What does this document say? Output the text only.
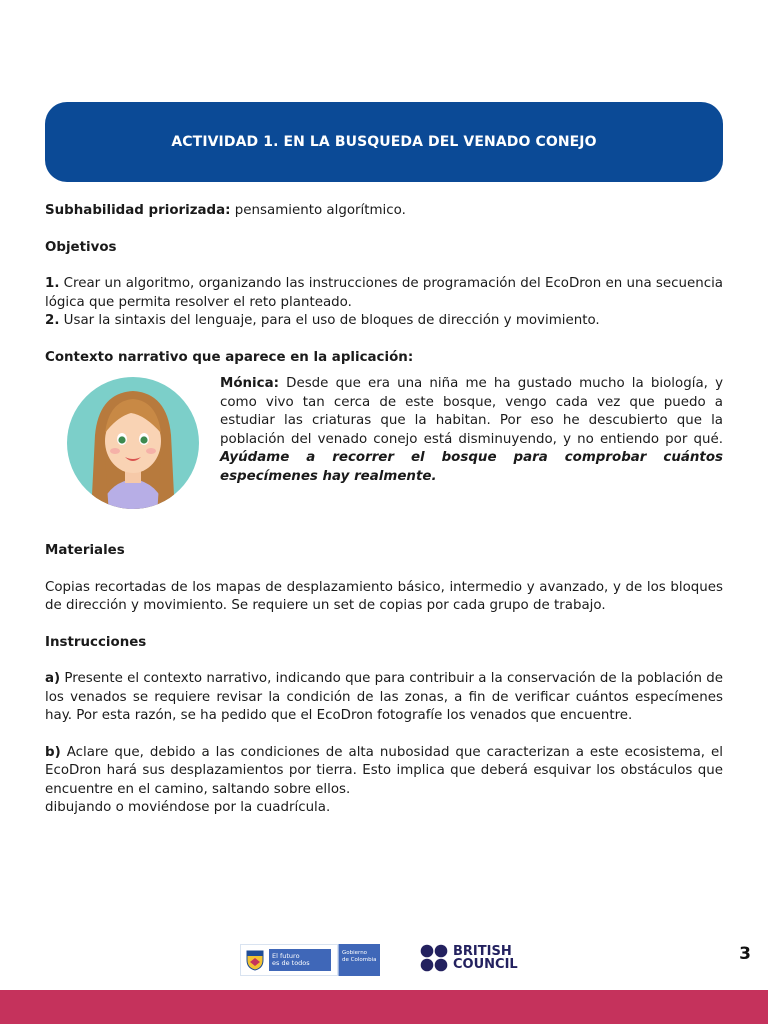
ACTIVIDAD 1. EN LA BUSQUEDA DEL VENADO CONEJO

Subhabilidad priorizada: pensamiento algorítmico.

Objetivos

1. Crear un algoritmo, organizando las instrucciones de programación del EcoDron en una secuencia lógica que permita resolver el reto planteado.

2. Usar la sintaxis del lenguaje, para el uso de bloques de dirección y movimiento.

Contexto narrativo que aparece en la aplicación:

Mónica: Desde que era una niña me ha gustado mucho la biología, y como vivo tan cerca de este bosque, vengo cada vez que puedo a estudiar las criaturas que la habitan. Por eso he descubierto que la población del venado conejo está disminuyendo, y no entiendo por qué. Ayúdame a recorrer el bosque para comprobar cuántos especímenes hay realmente.

Materiales

Copias recortadas de los mapas de desplazamiento básico, intermedio y avanzado, y de los bloques de dirección y movimiento. Se requiere un set de copias por cada grupo de trabajo.

Instrucciones

a) Presente el contexto narrativo, indicando que para contribuir a la conservación de la población de los venados se requiere revisar la condición de las zonas, a fin de verificar cuántos especímenes hay. Por esta razón, se ha pedido que el EcoDron fotografíe los venados que encuentre.

b) Aclare que, debido a las condiciones de alta nubosidad que caracterizan a este ecosistema, el EcoDron hará sus desplazamientos por tierra. Esto implica que deberá esquivar los obstáculos que encuentre en el camino, saltando sobre ellos.

dibujando o moviéndose por la cuadrícula.

El futuro
es de todos
Gobierno
de Colombia
BRITISH
COUNCIL
3
